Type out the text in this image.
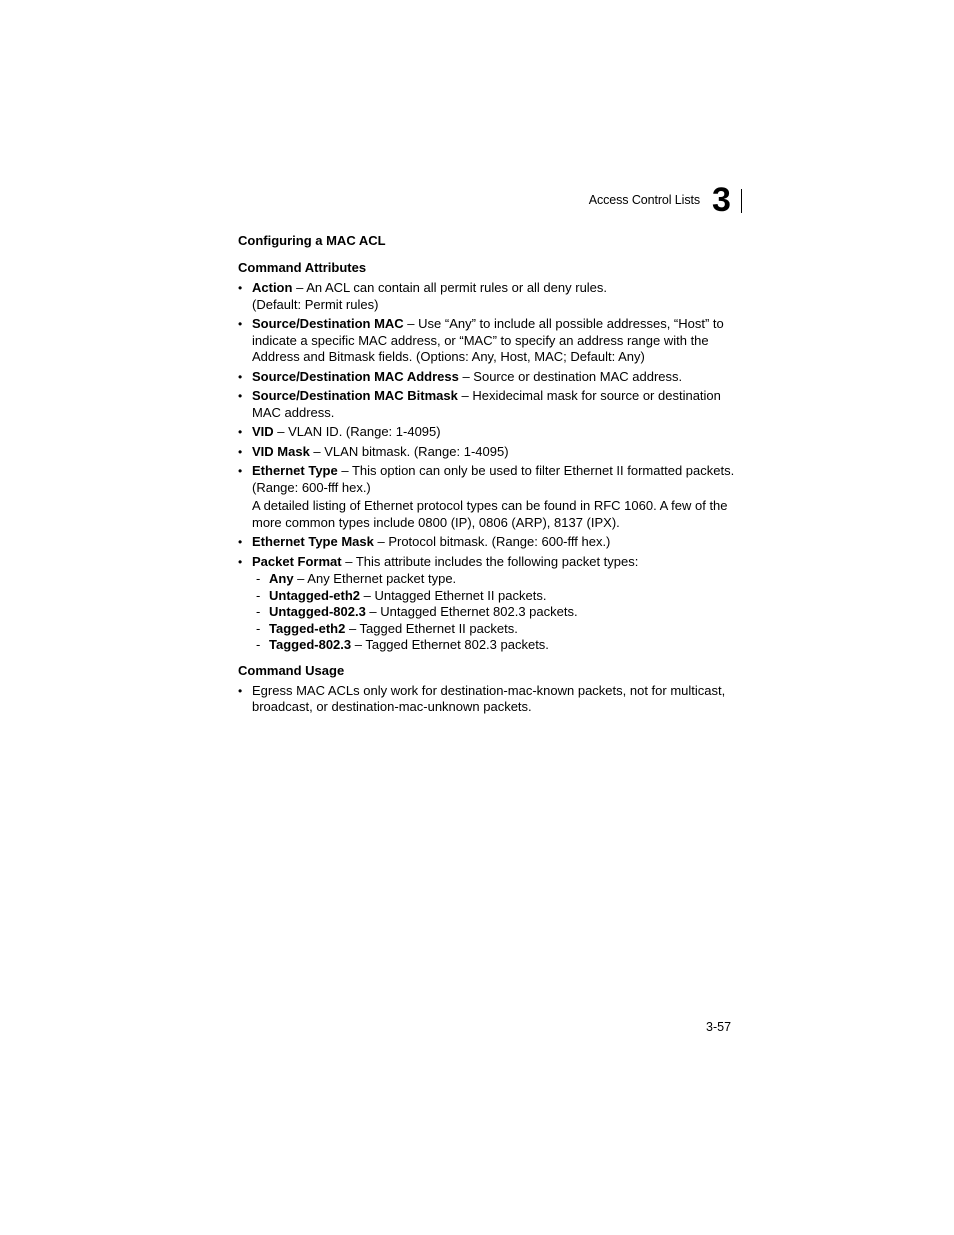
Access Control Lists 3
Configuring a MAC ACL
Command Attributes
• Action – An ACL can contain all permit rules or all deny rules.
(Default: Permit rules)
• Source/Destination MAC – Use “Any” to include all possible addresses, “Host” to indicate a specific MAC address, or “MAC” to specify an address range with the Address and Bitmask fields. (Options: Any, Host, MAC; Default: Any)
• Source/Destination MAC Address – Source or destination MAC address.
• Source/Destination MAC Bitmask – Hexidecimal mask for source or destination MAC address.
• VID – VLAN ID. (Range: 1-4095)
• VID Mask – VLAN bitmask. (Range: 1-4095)
• Ethernet Type – This option can only be used to filter Ethernet II formatted packets. (Range: 600-fff hex.)
A detailed listing of Ethernet protocol types can be found in RFC 1060. A few of the more common types include 0800 (IP), 0806 (ARP), 8137 (IPX).
• Ethernet Type Mask – Protocol bitmask. (Range: 600-fff hex.)
• Packet Format – This attribute includes the following packet types:
- Any – Any Ethernet packet type.
- Untagged-eth2 – Untagged Ethernet II packets.
- Untagged-802.3 – Untagged Ethernet 802.3 packets.
- Tagged-eth2 – Tagged Ethernet II packets.
- Tagged-802.3 – Tagged Ethernet 802.3 packets.
Command Usage
• Egress MAC ACLs only work for destination-mac-known packets, not for multicast, broadcast, or destination-mac-unknown packets.
3-57
